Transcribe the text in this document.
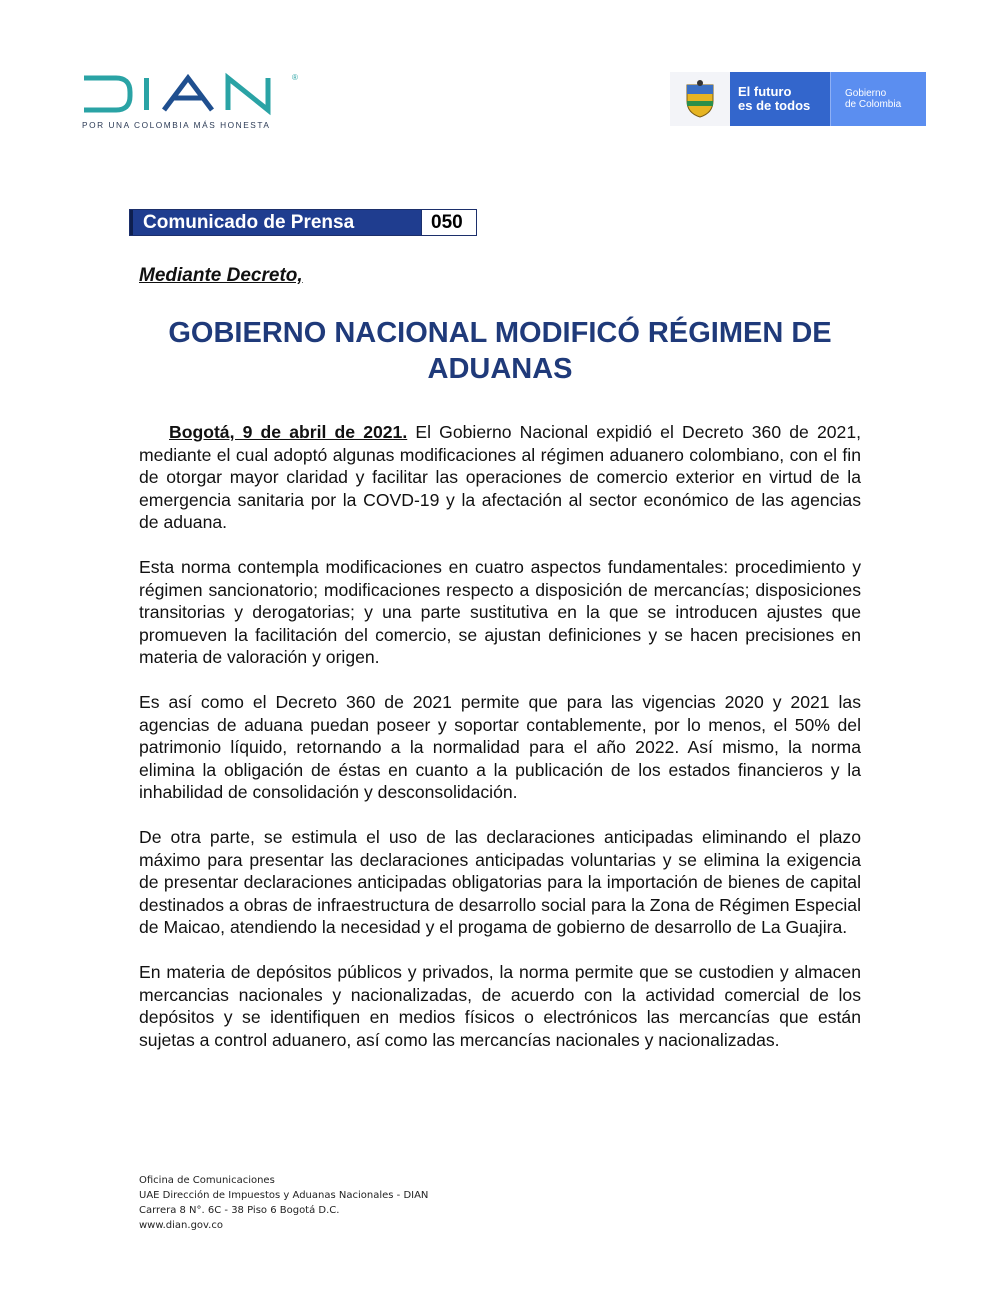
®
POR UNA COLOMBIA MÁS HONESTA
El futuro
es de todos
Gobierno
de Colombia
Comunicado de Prensa	050
Mediante Decreto,
GOBIERNO NACIONAL MODIFICÓ RÉGIMEN DE ADUANAS

Bogotá, 9 de abril de 2021. El Gobierno Nacional expidió el Decreto 360 de 2021, mediante el cual adoptó algunas modificaciones al régimen aduanero colombiano, con el fin de otorgar mayor claridad y facilitar las operaciones de comercio exterior en virtud de la emergencia sanitaria por la COVD-19 y la afectación al sector económico de las agencias de aduana.

Esta norma contempla modificaciones en cuatro aspectos fundamentales: procedimiento y régimen sancionatorio; modificaciones respecto a disposición de mercancías; disposiciones transitorias y derogatorias; y una parte sustitutiva en la que se introducen ajustes que promueven la facilitación del comercio, se ajustan definiciones y se hacen precisiones en materia de valoración y origen.

Es así como el Decreto 360 de 2021 permite que para las vigencias 2020 y 2021 las agencias de aduana puedan poseer y soportar contablemente, por lo menos, el 50% del patrimonio líquido, retornando a la normalidad para el año 2022. Así mismo, la norma elimina la obligación de éstas en cuanto a la publicación de los estados financieros y la inhabilidad de consolidación y desconsolidación.

De otra parte, se estimula el uso de las declaraciones anticipadas eliminando el plazo máximo para presentar las declaraciones anticipadas voluntarias y se elimina la exigencia de presentar declaraciones anticipadas obligatorias para la importación de bienes de capital destinados a obras de infraestructura de desarrollo social para la Zona de Régimen Especial de Maicao, atendiendo la necesidad y el progama de gobierno de desarrollo de La Guajira.

En materia de depósitos públicos y privados, la norma permite que se custodien y almacen mercancias nacionales y nacionalizadas, de acuerdo con la actividad comercial de los depósitos y se identifiquen en medios físicos o electrónicos las mercancías que están sujetas a control aduanero, así como las mercancías nacionales y nacionalizadas.

Oficina de Comunicaciones
UAE Dirección de Impuestos y Aduanas Nacionales - DIAN
Carrera 8 N°. 6C - 38 Piso 6 Bogotá D.C.
www.dian.gov.co
